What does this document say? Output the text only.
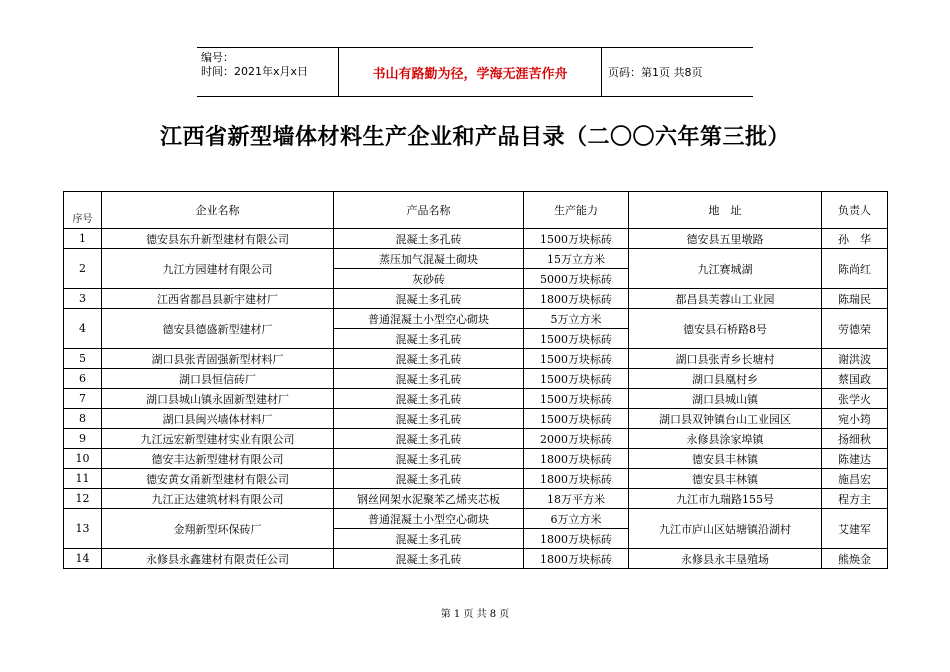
编号：
时间：2021年x月x日	书山有路勤为径，学海无涯苦作舟	页码：第1页 共8页
江西省新型墙体材料生产企业和产品目录（二〇〇六年第三批）
序号	企业名称	产品名称	生产能力	地　址	负责人
1	德安县东升新型建材有限公司	混凝土多孔砖	1500万块标砖	德安县五里墩路	孙　华
2	九江方园建材有限公司	蒸压加气混凝土砌块	15万立方米	九江赛城湖	陈尚红
		灰砂砖	5000万块标砖		
3	江西省都昌县新宇建材厂	混凝土多孔砖	1800万块标砖	都昌县芙蓉山工业园	陈瑞民
4	德安县德盛新型建材厂	普通混凝土小型空心砌块	5万立方米	德安县石桥路8号	劳德荣
		混凝土多孔砖	1500万块标砖		
5	湖口县张青固强新型材料厂	混凝土多孔砖	1500万块标砖	湖口县张青乡长塘村	谢洪波
6	湖口县恒信砖厂	混凝土多孔砖	1500万块标砖	湖口县凰村乡	蔡国政
7	湖口县城山镇永固新型建材厂	混凝土多孔砖	1500万块标砖	湖口县城山镇	张学火
8	湖口县闽兴墙体材料厂	混凝土多孔砖	1500万块标砖	湖口县双钟镇台山工业园区	宛小筠
9	九江远宏新型建材实业有限公司	混凝土多孔砖	2000万块标砖	永修县涂家埠镇	扬细秋
10	德安丰达新型建材有限公司	混凝土多孔砖	1800万块标砖	德安县丰林镇	陈建达
11	德安黄女甬新型建材有限公司	混凝土多孔砖	1800万块标砖	德安县丰林镇	施昌宏
12	九江正达建筑材料有限公司	钢丝网架水泥聚苯乙烯夹芯板	18万平方米	九江市九瑞路155号	程方主
13	金翔新型环保砖厂	普通混凝土小型空心砌块	6万立方米	九江市庐山区姑塘镇沿湖村	艾建军
		混凝土多孔砖	1800万块标砖		
14	永修县永鑫建材有限责任公司	混凝土多孔砖	1800万块标砖	永修县永丰垦殖场	熊焕金
第 1 页 共 8 页
